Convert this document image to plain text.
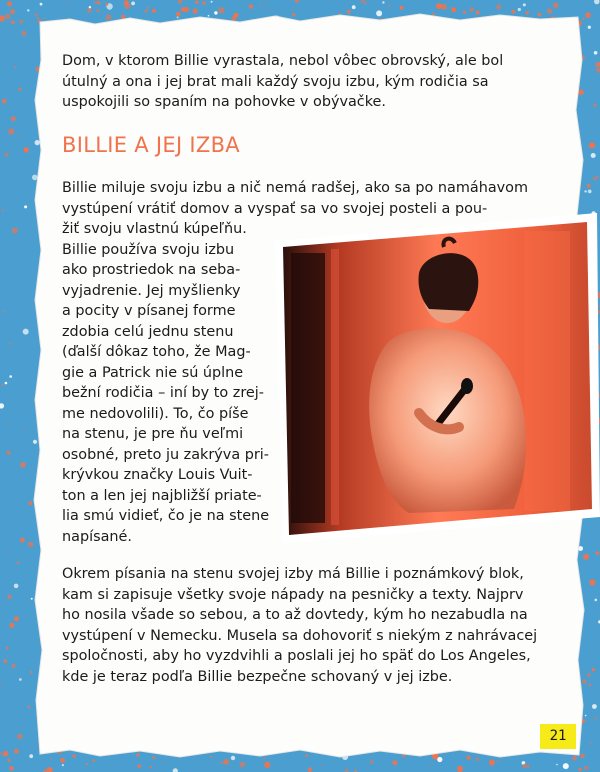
Dom, v ktorom Billie vyrastala, nebol vôbec obrovský, ale bol
útulný a ona i jej brat mali každý svoju izbu, kým rodičia sa
uspokojili so spaním na pohovke v obývačke.
BILLIE A JEJ IZBA
Billie miluje svoju izbu a nič nemá radšej, ako sa po namáhavom
vystúpení vrátiť domov a vyspať sa vo svojej posteli a pou-
žiť svoju vlastnú kúpeľňu.
Billie používa svoju izbu
ako prostriedok na seba-
vyjadrenie. Jej myšlienky
a pocity v písanej forme
zdobia celú jednu stenu
(ďalší dôkaz toho, že Mag-
gie a Patrick nie sú úplne
bežní rodičia – iní by to zrej-
me nedovolili). To, čo píše
na stenu, je pre ňu veľmi
osobné, preto ju zakrýva pri-
krývkou značky Louis Vuit-
ton a len jej najbližší priate-
lia smú vidieť, čo je na stene
napísané.
Okrem písania na stenu svojej izby má Billie i poznámkový blok,
kam si zapisuje všetky svoje nápady na pesničky a texty. Najprv
ho nosila všade so sebou, a to až dovtedy, kým ho nezabudla na
vystúpení v Nemecku. Musela sa dohovoriť s niekým z nahrávacej
spoločnosti, aby ho vyzdvihli a poslali jej ho späť do Los Angeles,
kde je teraz podľa Billie bezpečne schovaný v jej izbe.
21
